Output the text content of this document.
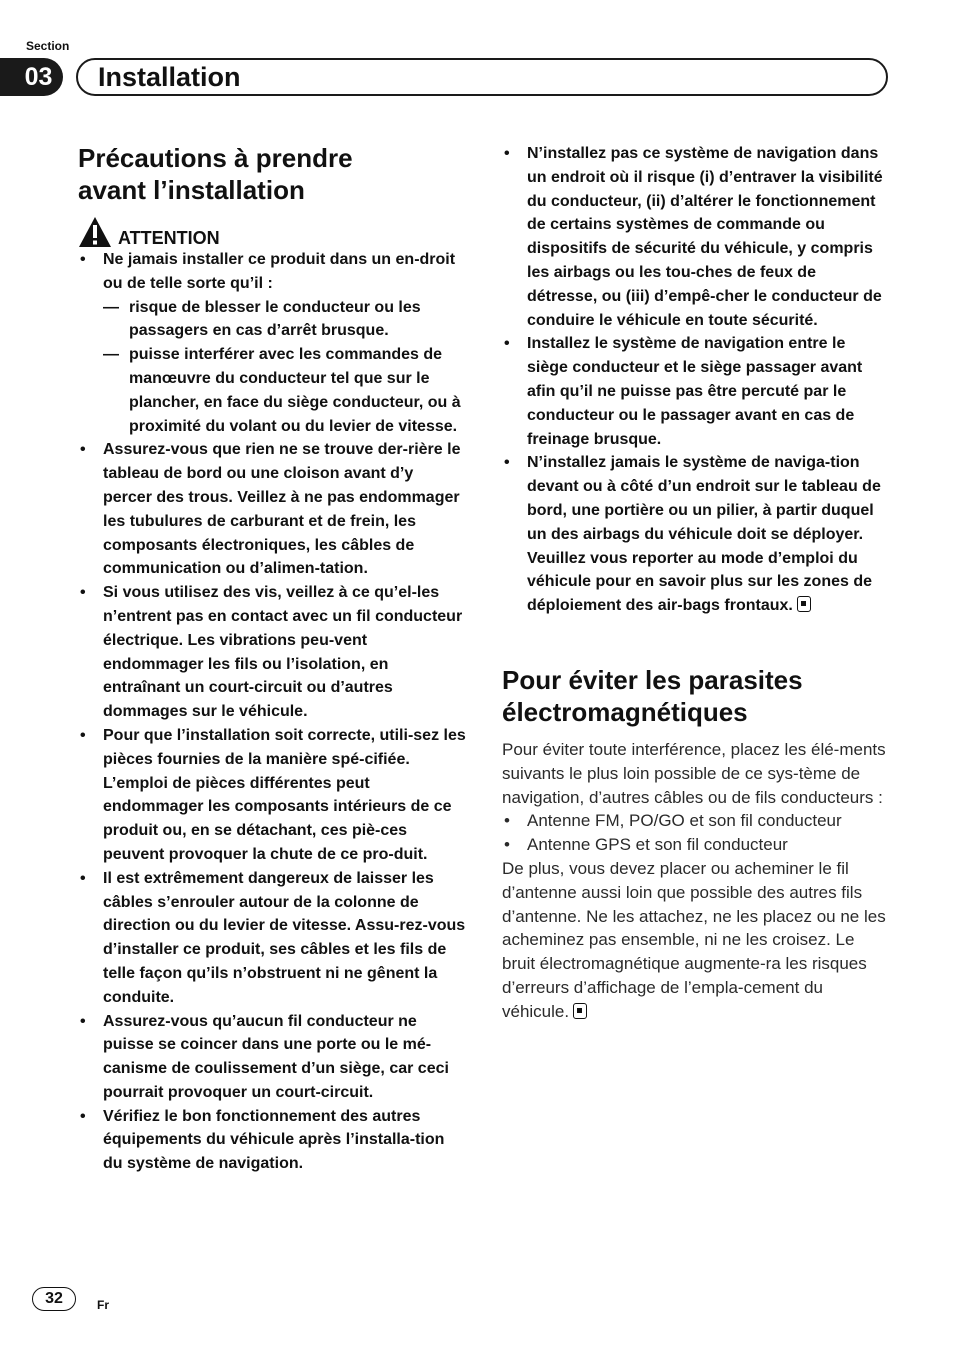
Section
03	Installation
Précautions à prendre
avant l’installation
ATTENTION
• Ne jamais installer ce produit dans un en-droit ou de telle sorte qu’il :
— risque de blesser le conducteur ou les passagers en cas d’arrêt brusque.
— puisse interférer avec les commandes de manœuvre du conducteur tel que sur le plancher, en face du siège conducteur, ou à proximité du volant ou du levier de vitesse.
• Assurez-vous que rien ne se trouve der-rière le tableau de bord ou une cloison avant d’y percer des trous. Veillez à ne pas endommager les tubulures de carburant et de frein, les composants électroniques, les câbles de communication ou d’alimen-tation.
• Si vous utilisez des vis, veillez à ce qu’el-les n’entrent pas en contact avec un fil conducteur électrique. Les vibrations peu-vent endommager les fils ou l’isolation, en entraînant un court-circuit ou d’autres dommages sur le véhicule.
• Pour que l’installation soit correcte, utili-sez les pièces fournies de la manière spé-cifiée. L’emploi de pièces différentes peut endommager les composants intérieurs de ce produit ou, en se détachant, ces piè-ces peuvent provoquer la chute de ce pro-duit.
• Il est extrêmement dangereux de laisser les câbles s’enrouler autour de la colonne de direction ou du levier de vitesse. Assu-rez-vous d’installer ce produit, ses câbles et les fils de telle façon qu’ils n’obstruent ni ne gênent la conduite.
• Assurez-vous qu’aucun fil conducteur ne puisse se coincer dans une porte ou le mé-canisme de coulissement d’un siège, car ceci pourrait provoquer un court-circuit.
• Vérifiez le bon fonctionnement des autres équipements du véhicule après l’installa-tion du système de navigation.
• N’installez pas ce système de navigation dans un endroit où il risque (i) d’entraver la visibilité du conducteur, (ii) d’altérer le fonctionnement de certains systèmes de commande ou dispositifs de sécurité du véhicule, y compris les airbags ou les tou-ches de feux de détresse, ou (iii) d’empê-cher le conducteur de conduire le véhicule en toute sécurité.
• Installez le système de navigation entre le siège conducteur et le siège passager avant afin qu’il ne puisse pas être percuté par le conducteur ou le passager avant en cas de freinage brusque.
• N’installez jamais le système de naviga-tion devant ou à côté d’un endroit sur le tableau de bord, une portière ou un pilier, à partir duquel un des airbags du véhicule doit se déployer. Veuillez vous reporter au mode d’emploi du véhicule pour en savoir plus sur les zones de déploiement des air-bags frontaux.
Pour éviter les parasites
électromagnétiques
Pour éviter toute interférence, placez les élé-ments suivants le plus loin possible de ce sys-tème de navigation, d’autres câbles ou de fils conducteurs :
• Antenne FM, PO/GO et son fil conducteur
• Antenne GPS et son fil conducteur
De plus, vous devez placer ou acheminer le fil d’antenne aussi loin que possible des autres fils d’antenne. Ne les attachez, ne les placez ou ne les acheminez pas ensemble, ni ne les croisez. Le bruit électromagnétique augmente-ra les risques d’erreurs d’affichage de l’empla-cement du véhicule.
32	Fr
